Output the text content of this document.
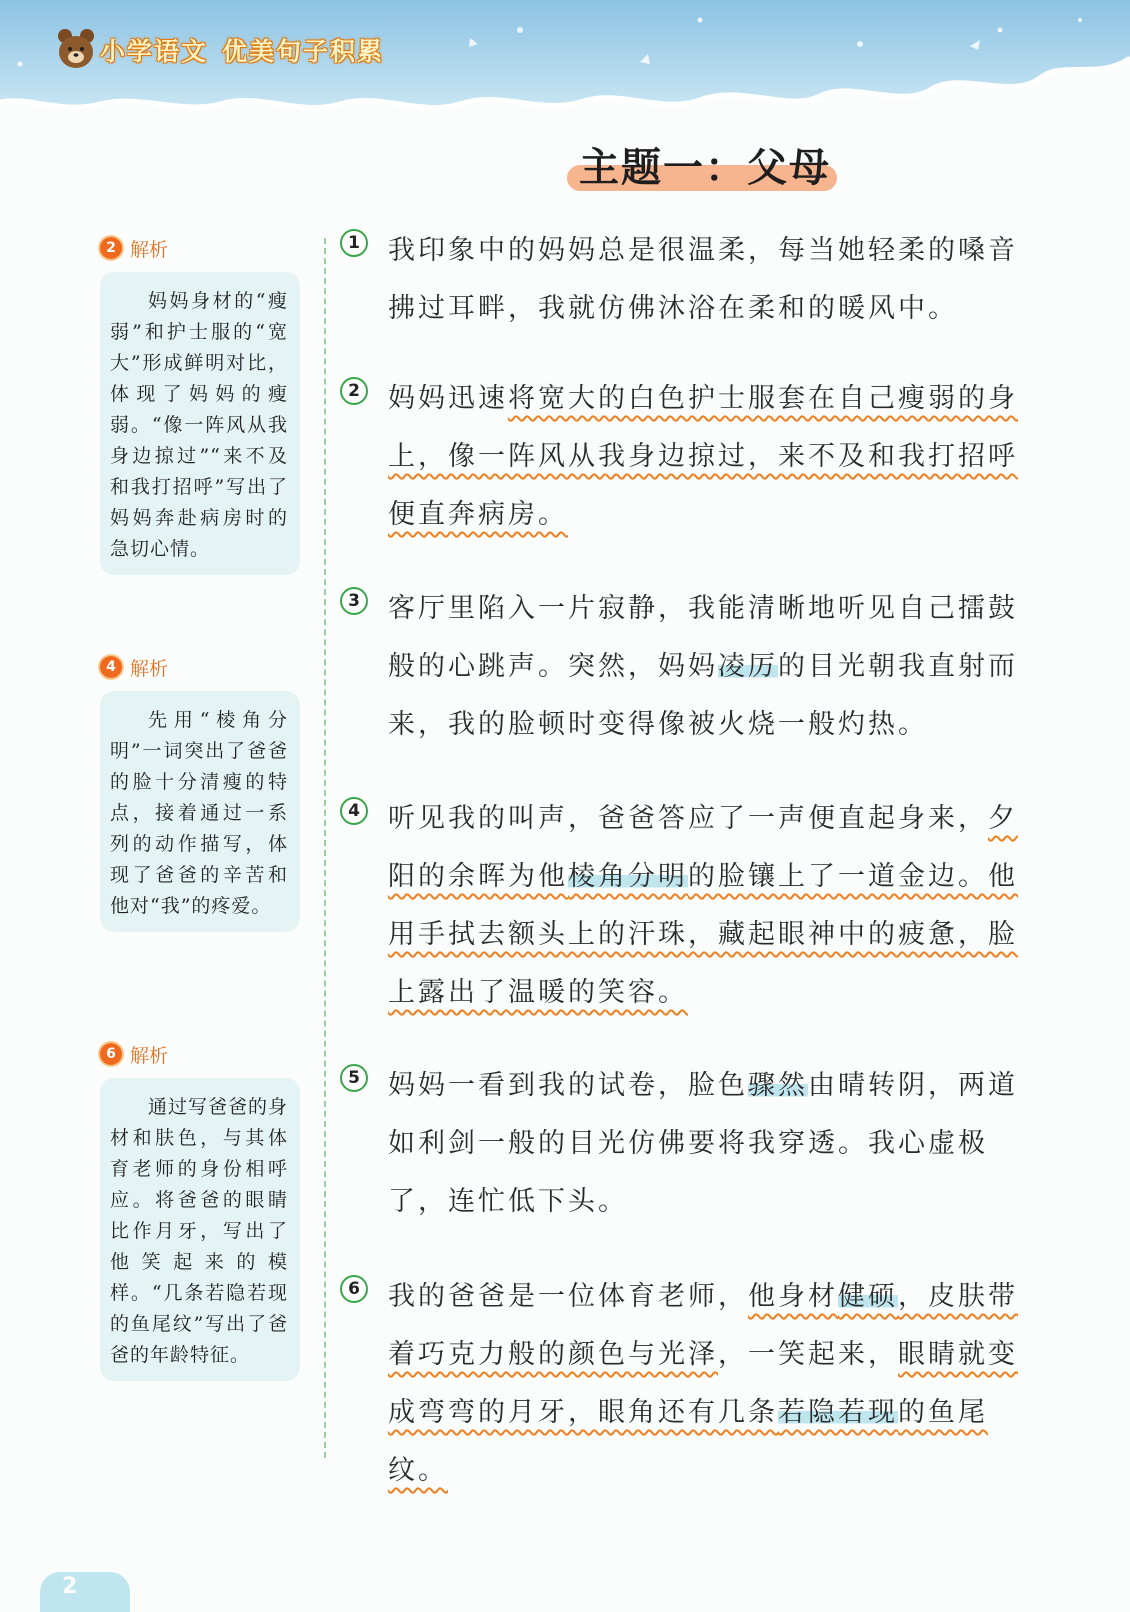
小学语文 优美句子积累
主题一：父母
2 解析
妈妈身材的“瘦弱”和护士服的“宽大”形成鲜明对比，体现了妈妈的瘦弱。“像一阵风从我身边掠过”“来不及和我打招呼”写出了妈妈奔赴病房时的急切心情。
4 解析
先用“棱角分明”一词突出了爸爸的脸十分清瘦的特点，接着通过一系列的动作描写，体现了爸爸的辛苦和他对“我”的疼爱。
6 解析
通过写爸爸的身材和肤色，与其体育老师的身份相呼应。将爸爸的眼睛比作月牙，写出了他笑起来的模样。“几条若隐若现的鱼尾纹”写出了爸爸的年龄特征。
1 我印象中的妈妈总是很温柔，每当她轻柔的嗓音拂过耳畔，我就仿佛沐浴在柔和的暖风中。
2 妈妈迅速将宽大的白色护士服套在自己瘦弱的身上，像一阵风从我身边掠过，来不及和我打招呼便直奔病房。
3 客厅里陷入一片寂静，我能清晰地听见自己擂鼓般的心跳声。突然，妈妈凌厉的目光朝我直射而来，我的脸顿时变得像被火烧一般灼热。
4 听见我的叫声，爸爸答应了一声便直起身来，夕阳的余晖为他棱角分明的脸镶上了一道金边。他用手拭去额头上的汗珠，藏起眼神中的疲惫，脸上露出了温暖的笑容。
5 妈妈一看到我的试卷，脸色骤然由晴转阴，两道如利剑一般的目光仿佛要将我穿透。我心虚极了，连忙低下头。
6 我的爸爸是一位体育老师，他身材健硕，皮肤带着巧克力般的颜色与光泽，一笑起来，眼睛就变成弯弯的月牙，眼角还有几条若隐若现的鱼尾纹。
2
